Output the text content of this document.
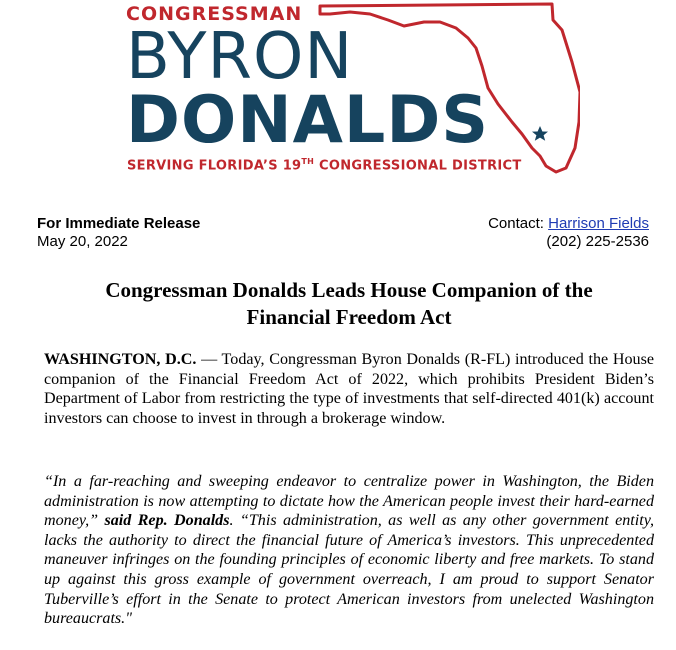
CONGRESSMAN
BYRON
DONALDS
SERVING FLORIDA’S 19TH CONGRESSIONAL DISTRICT
For Immediate Release
May 20, 2022
Contact: Harrison Fields
(202) 225-2536
Congressman Donalds Leads House Companion of the
Financial Freedom Act

WASHINGTON, D.C. — Today, Congressman Byron Donalds (R-FL) introduced the House companion of the Financial Freedom Act of 2022, which prohibits President Biden’s Department of Labor from restricting the type of investments that self-directed 401(k) account investors can choose to invest in through a brokerage window.

“In a far-reaching and sweeping endeavor to centralize power in Washington, the Biden administration is now attempting to dictate how the American people invest their hard-earned money,” said Rep. Donalds. “This administration, as well as any other government entity, lacks the authority to direct the financial future of America’s investors. This unprecedented maneuver infringes on the founding principles of economic liberty and free markets. To stand up against this gross example of government overreach, I am proud to support Senator Tuberville’s effort in the Senate to protect American investors from unelected Washington bureaucrats."
